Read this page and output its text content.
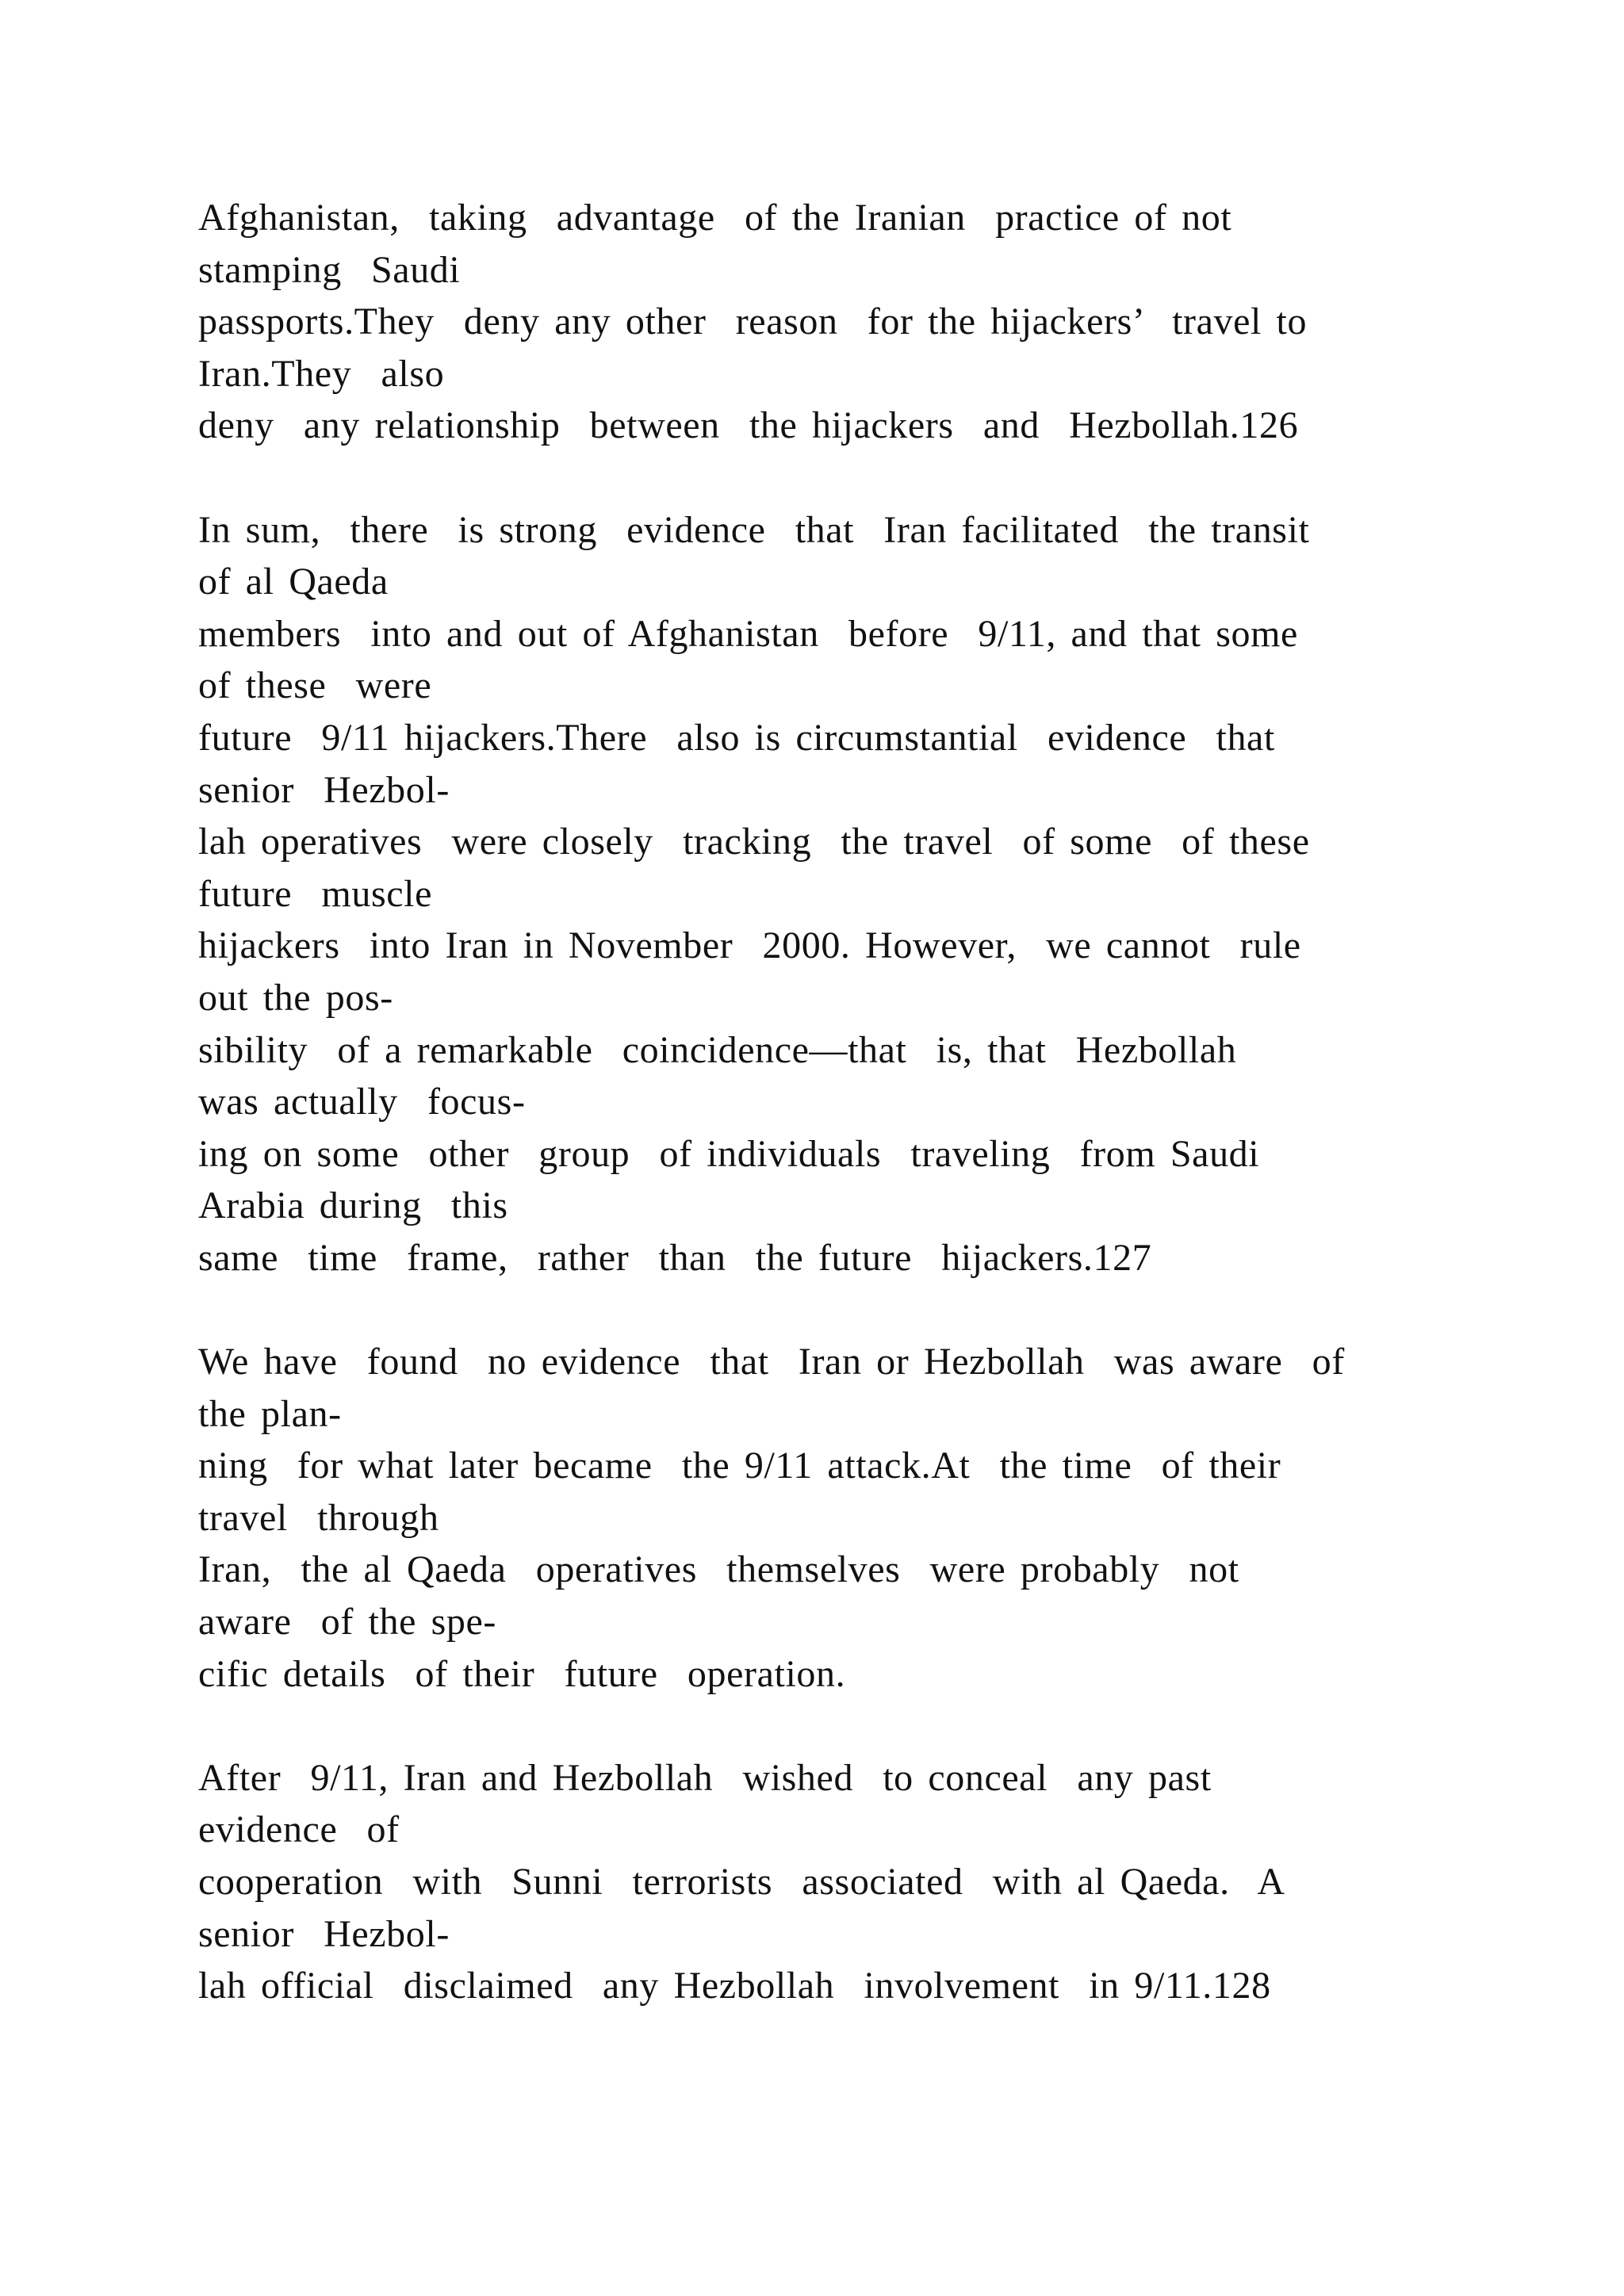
Afghanistan,  taking  advantage  of the Iranian  practice of not
stamping  Saudi
passports.They  deny any other  reason  for the hijackers’  travel to
Iran.They  also
deny  any relationship  between  the hijackers  and  Hezbollah.126

In sum,  there  is strong  evidence  that  Iran facilitated  the transit
of al Qaeda
members  into and out of Afghanistan  before  9/11, and that some
of these  were
future  9/11 hijackers.There  also is circumstantial  evidence  that
senior  Hezbol-
lah operatives  were closely  tracking  the travel  of some  of these
future  muscle
hijackers  into Iran in November  2000. However,  we cannot  rule
out the pos-
sibility  of a remarkable  coincidence—that  is, that  Hezbollah
was actually  focus-
ing on some  other  group  of individuals  traveling  from Saudi
Arabia during  this
same  time  frame,  rather  than  the future  hijackers.127

We have  found  no evidence  that  Iran or Hezbollah  was aware  of
the plan-
ning  for what later became  the 9/11 attack.At  the time  of their
travel  through
Iran,  the al Qaeda  operatives  themselves  were probably  not
aware  of the spe-
cific details  of their  future  operation.

After  9/11, Iran and Hezbollah  wished  to conceal  any past
evidence  of
cooperation  with  Sunni  terrorists  associated  with al Qaeda.  A
senior  Hezbol-
lah official  disclaimed  any Hezbollah  involvement  in 9/11.128
